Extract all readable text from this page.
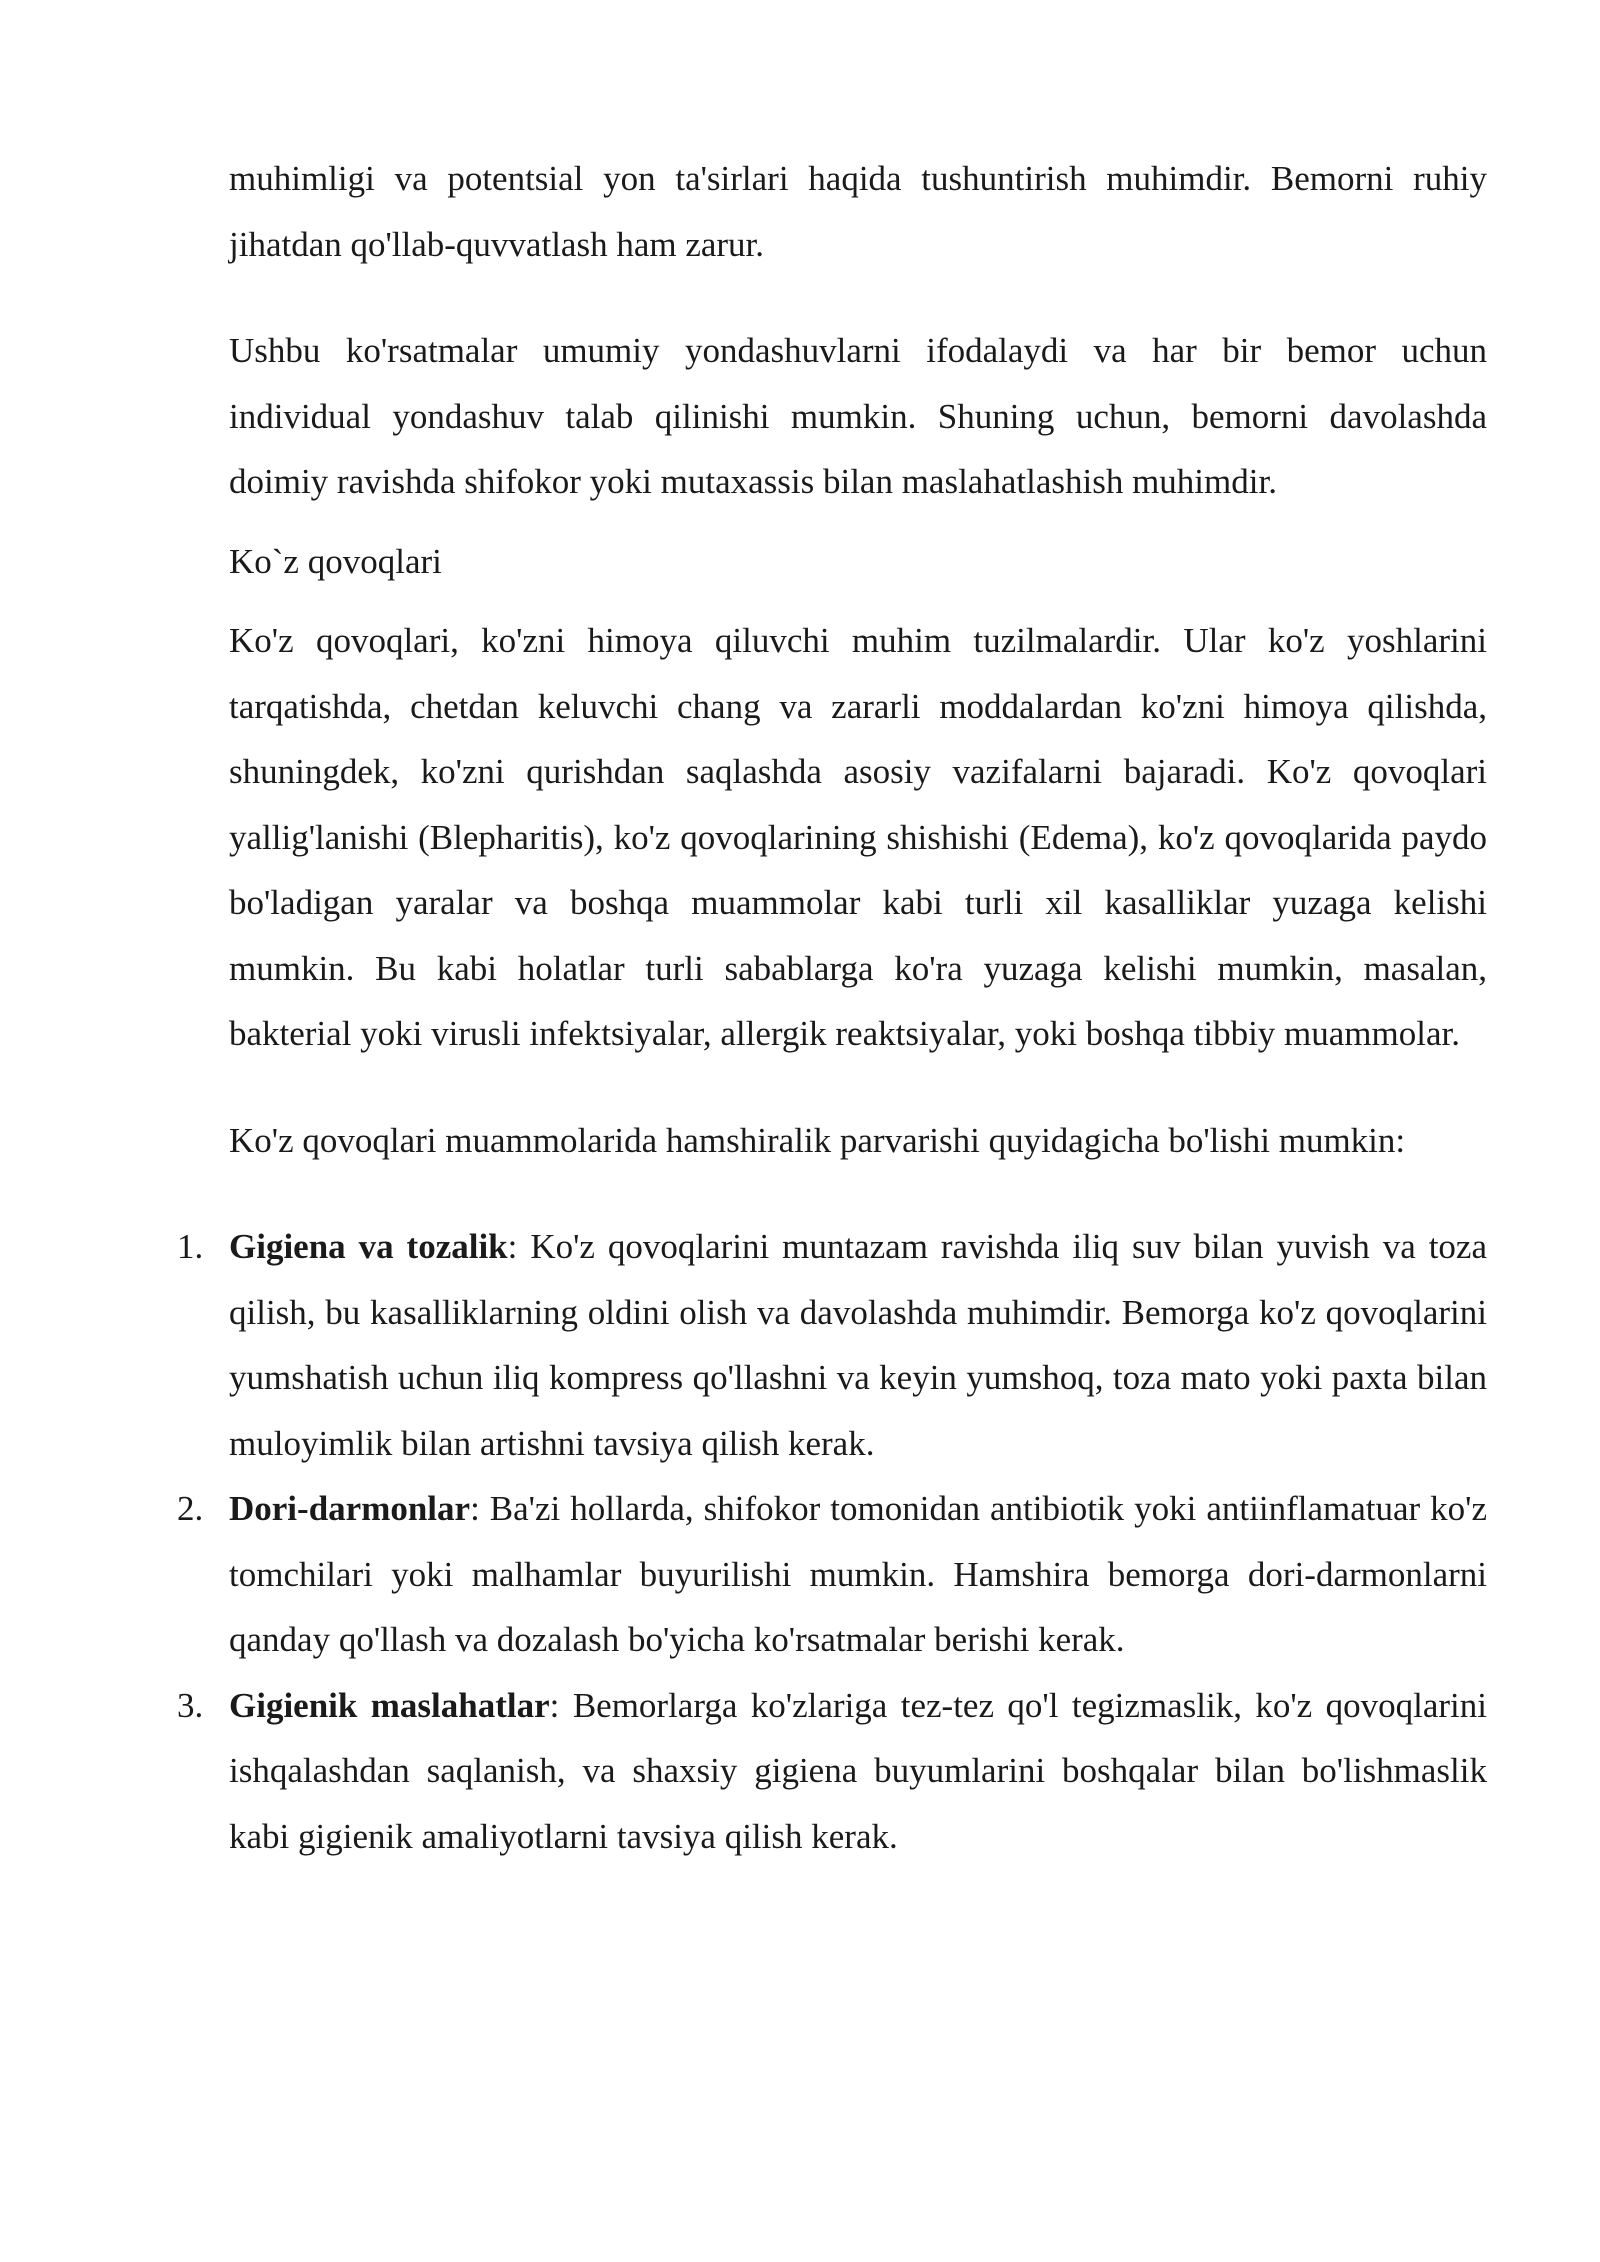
muhimligi va potentsial yon ta'sirlari haqida tushuntirish muhimdir. Bemorni ruhiy jihatdan qo'llab-quvvatlash ham zarur.

Ushbu ko'rsatmalar umumiy yondashuvlarni ifodalaydi va har bir bemor uchun individual yondashuv talab qilinishi mumkin. Shuning uchun, bemorni davolashda doimiy ravishda shifokor yoki mutaxassis bilan maslahatlashish muhimdir.

Ko`z qovoqlari

Ko'z qovoqlari, ko'zni himoya qiluvchi muhim tuzilmalardir. Ular ko'z yoshlarini tarqatishda, chetdan keluvchi chang va zararli moddalardan ko'zni himoya qilishda, shuningdek, ko'zni qurishdan saqlashda asosiy vazifalarni bajaradi. Ko'z qovoqlari yallig'lanishi (Blepharitis), ko'z qovoqlarining shishishi (Edema), ko'z qovoqlarida paydo bo'ladigan yaralar va boshqa muammolar kabi turli xil kasalliklar yuzaga kelishi mumkin. Bu kabi holatlar turli sabablarga ko'ra yuzaga kelishi mumkin, masalan, bakterial yoki virusli infektsiyalar, allergik reaktsiyalar, yoki boshqa tibbiy muammolar.

Ko'z qovoqlari muammolarida hamshiralik parvarishi quyidagicha bo'lishi mumkin:

1. Gigiena va tozalik: Ko'z qovoqlarini muntazam ravishda iliq suv bilan yuvish va toza qilish, bu kasalliklarning oldini olish va davolashda muhimdir. Bemorga ko'z qovoqlarini yumshatish uchun iliq kompress qo'llashni va keyin yumshoq, toza mato yoki paxta bilan muloyimlik bilan artishni tavsiya qilish kerak.
2. Dori-darmonlar: Ba'zi hollarda, shifokor tomonidan antibiotik yoki antiinflamatuar ko'z tomchilari yoki malhamlar buyurilishi mumkin. Hamshira bemorga dori-darmonlarni qanday qo'llash va dozalash bo'yicha ko'rsatmalar berishi kerak.
3. Gigienik maslahatlar: Bemorlarga ko'zlariga tez-tez qo'l tegizmaslik, ko'z qovoqlarini ishqalashdan saqlanish, va shaxsiy gigiena buyumlarini boshqalar bilan bo'lishmaslik kabi gigienik amaliyotlarni tavsiya qilish kerak.
